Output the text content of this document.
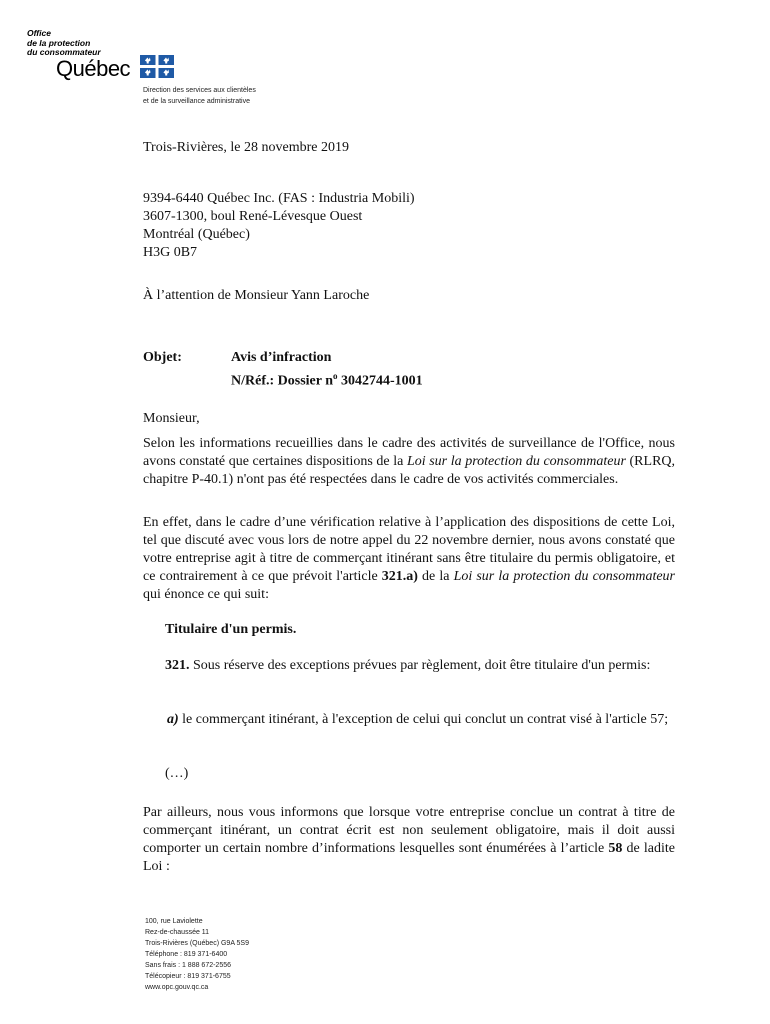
Office
de la protection
du consommateur
Québec
Direction des services aux clientèles
et de la surveillance administrative
Trois-Rivières, le 28 novembre 2019
9394-6440 Québec Inc. (FAS : Industria Mobili)
3607-1300, boul René-Lévesque Ouest
Montréal (Québec)
H3G 0B7
À l’attention de Monsieur Yann Laroche
Objet:	Avis d’infraction
N/Réf.: Dossier $n^o$ 3042744-1001
Monsieur,
Selon les informations recueillies dans le cadre des activités de surveillance de l'Office, nous avons constaté que certaines dispositions de la Loi sur la protection du consommateur (RLRQ, chapitre P-40.1) n'ont pas été respectées dans le cadre de vos activités commerciales.
En effet, dans le cadre d’une vérification relative à l’application des dispositions de cette Loi, tel que discuté avec vous lors de notre appel du 22 novembre dernier, nous avons constaté que votre entreprise agit à titre de commerçant itinérant sans être titulaire du permis obligatoire, et ce contrairement à ce que prévoit l'article 321.a) de la Loi sur la protection du consommateur qui énonce ce qui suit:
Titulaire d'un permis.
321. Sous réserve des exceptions prévues par règlement, doit être titulaire d'un permis:
a) le commerçant itinérant, à l'exception de celui qui conclut un contrat visé à l'article 57;
(…)
Par ailleurs, nous vous informons que lorsque votre entreprise conclue un contrat à titre de commerçant itinérant, un contrat écrit est non seulement obligatoire, mais il doit aussi comporter un certain nombre d’informations lesquelles sont énumérées à l’article 58 de ladite Loi :
100, rue Laviolette
Rez-de-chaussée 11
Trois-Rivières (Québec) G9A 5S9
Téléphone : 819 371-6400
Sans frais : 1 888 672-2556
Télécopieur : 819 371-6755
www.opc.gouv.qc.ca
